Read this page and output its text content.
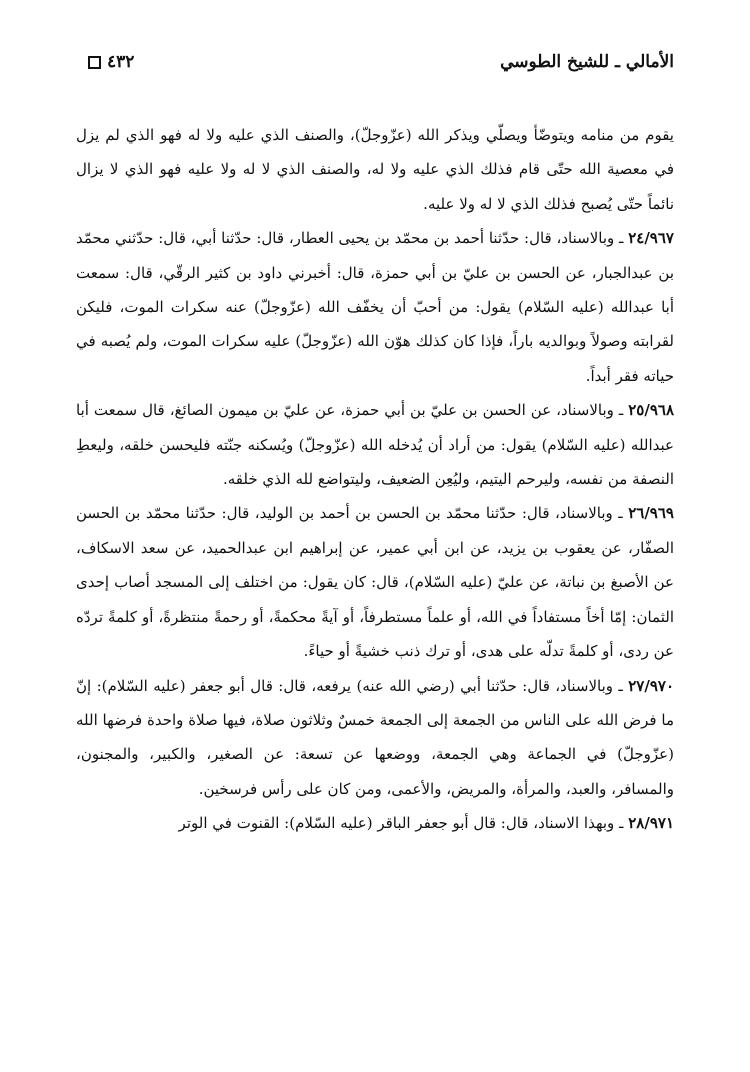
الأمالي ـ للشيخ الطوسي
٤٣٢

يقوم من منامه ويتوضّأ ويصلّي ويذكر الله (عزّوجلّ)، والصنف الذي عليه ولا له فهو الذي لم يزل في معصية الله حتّى قام فذلك الذي عليه ولا له، والصنف الذي لا له ولا عليه فهو الذي لا يزال نائماً حتّى يُصبح فذلك الذي لا له ولا عليه.

٢٤/٩٦٧ ـ وبالاسناد، قال: حدّثنا أحمد بن محمّد بن يحيى العطار، قال: حدّثنا أبي، قال: حدّثني محمّد بن عبدالجبار، عن الحسن بن عليّ بن أبي حمزة، قال: أخبرني داود بن كثير الرقّي، قال: سمعت أبا عبدالله (عليه السّلام) يقول: من أحبّ أن يخفّف الله (عزّوجلّ) عنه سكرات الموت، فليكن لقرابته وصولاً وبوالديه باراً، فإذا كان كذلك هوّن الله (عزّوجلّ) عليه سكرات الموت، ولم يُصبه في حياته فقر أبداً.

٢٥/٩٦٨ ـ وبالاسناد، عن الحسن بن عليّ بن أبي حمزة، عن عليّ بن ميمون الصائغ، قال سمعت أبا عبدالله (عليه السّلام) يقول: من أراد أن يُدخله الله (عزّوجلّ) ويُسكنه جنّته فليحسن خلقه، وليعطِ النصفة من نفسه، وليرحم اليتيم، وليُعِن الضعيف، وليتواضع لله الذي خلقه.

٢٦/٩٦٩ ـ وبالاسناد، قال: حدّثنا محمّد بن الحسن بن أحمد بن الوليد، قال: حدّثنا محمّد بن الحسن الصفّار، عن يعقوب بن يزيد، عن ابن أبي عمير، عن إبراهيم ابن عبدالحميد، عن سعد الاسكاف، عن الأصبغ بن نباتة، عن عليّ (عليه السّلام)، قال: كان يقول: من اختلف إلى المسجد أصاب إحدى الثمان: إمّا أخاً مستفاداً في الله، أو علماً مستطرفاً، أو آيةً محكمةً، أو رحمةً منتظرةً، أو كلمةً تردّه عن ردى، أو كلمةً تدلّه على هدى، أو ترك ذنب خشيةً أو حياءً.

٢٧/٩٧٠ ـ وبالاسناد، قال: حدّثنا أبي (رضي الله عنه) يرفعه، قال: قال أبو جعفر (عليه السّلام): إنّ ما فرض الله على الناس من الجمعة إلى الجمعة خمسٌ وثلاثون صلاة، فيها صلاة واحدة فرضها الله (عزّوجلّ) في الجماعة وهي الجمعة، ووضعها عن تسعة: عن الصغير، والكبير، والمجنون، والمسافر، والعبد، والمرأة، والمريض، والأعمى، ومن كان على رأس فرسخين.

٢٨/٩٧١ ـ وبهذا الاسناد، قال: قال أبو جعفر الباقر (عليه السّلام): القنوت في الوتر
